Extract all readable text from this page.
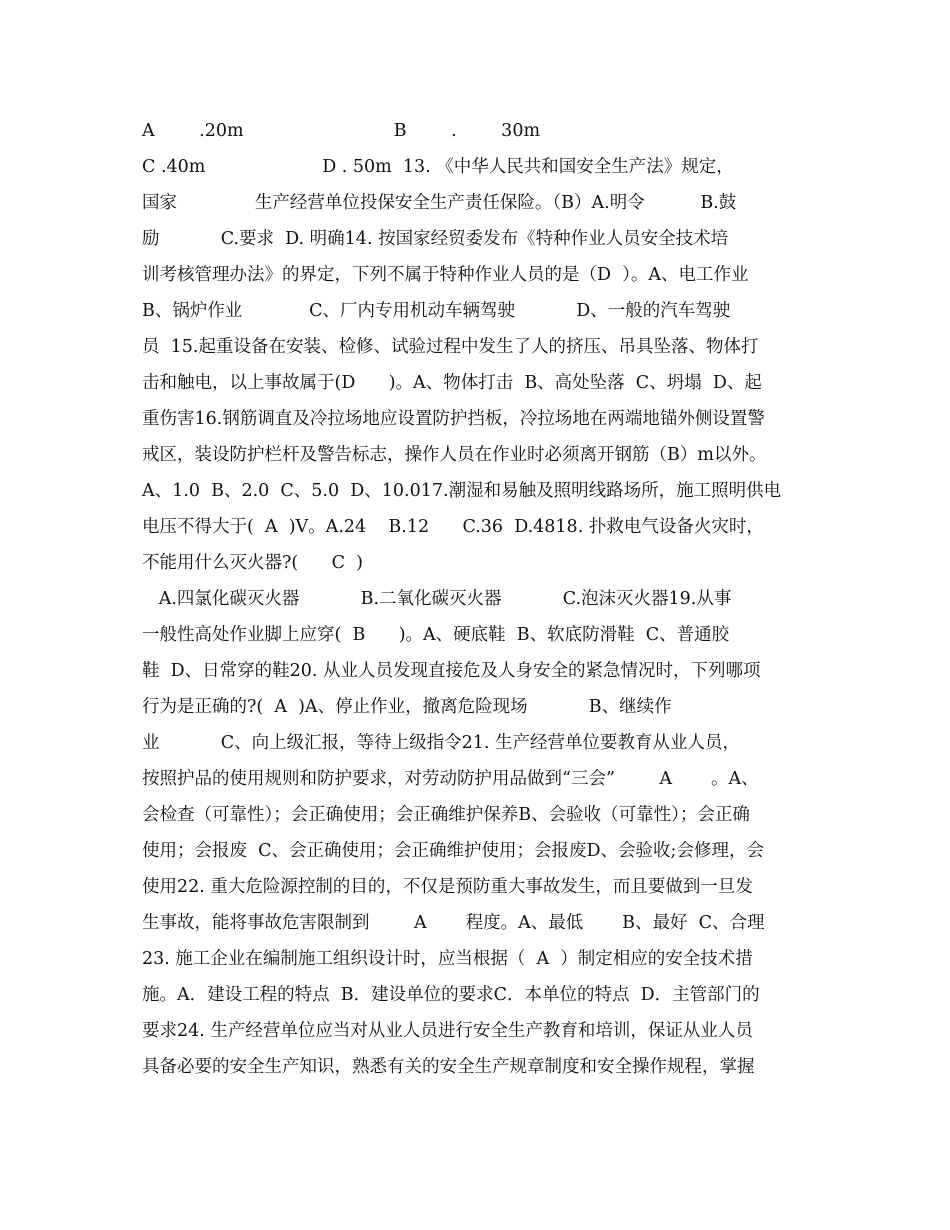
A        .20m                           B        .        30m
C .40m                     D . 50m  13. 《中华人民共和国安全生产法》规定，
国家              生产经营单位投保安全生产责任保险。（B）A.明令          B.鼓
励           C.要求  D. 明确14. 按国家经贸委发布《特种作业人员安全技术培
训考核管理办法》的界定，下列不属于特种作业人员的是（D  ）。A、电工作业
B、锅炉作业            C、厂内专用机动车辆驾驶           D、一般的汽车驾驶
员  15.起重设备在安装、检修、试验过程中发生了人的挤压、吊具坠落、物体打
击和触电，以上事故属于(D      )。A、物体打击  B、高处坠落  C、坍塌  D、起
重伤害16.钢筋调直及冷拉场地应设置防护挡板，冷拉场地在两端地锚外侧设置警
戒区，装设防护栏杆及警告标志，操作人员在作业时必须离开钢筋（B）m以外。
A、1.0  B、2.0  C、5.0  D、10.017.潮湿和易触及照明线路场所，施工照明供电
电压不得大于(  A  )V。A.24    B.12      C.36  D.4818. 扑救电气设备火灾时，
不能用什么灭火器?(      C  )
A.四氯化碳灭火器           B.二氧化碳灭火器           C.泡沫灭火器19.从事
一般性高处作业脚上应穿(  B      )。A、硬底鞋  B、软底防滑鞋  C、普通胶
鞋  D、日常穿的鞋20. 从业人员发现直接危及人身安全的紧急情况时，下列哪项
行为是正确的?(  A  )A、停止作业，撤离危险现场           B、继续作
业           C、向上级汇报，等待上级指令21. 生产经营单位要教育从业人员，
按照护品的使用规则和防护要求，对劳动防护用品做到“三会”        A       。A、
会检查（可靠性）；会正确使用；会正确维护保养B、会验收（可靠性）；会正确
使用；会报废  C、会正确使用；会正确维护使用；会报废D、会验收;会修理，会
使用22. 重大危险源控制的目的，不仅是预防重大事故发生，而且要做到一旦发
生事故，能将事故危害限制到        A       程度。A、最低       B、最好  C、合理
23. 施工企业在编制施工组织设计时，应当根据（  A  ）制定相应的安全技术措
施。A．建设工程的特点  B．建设单位的要求C．本单位的特点  D．主管部门的
要求24. 生产经营单位应当对从业人员进行安全生产教育和培训，保证从业人员
具备必要的安全生产知识，熟悉有关的安全生产规章制度和安全操作规程，掌握
